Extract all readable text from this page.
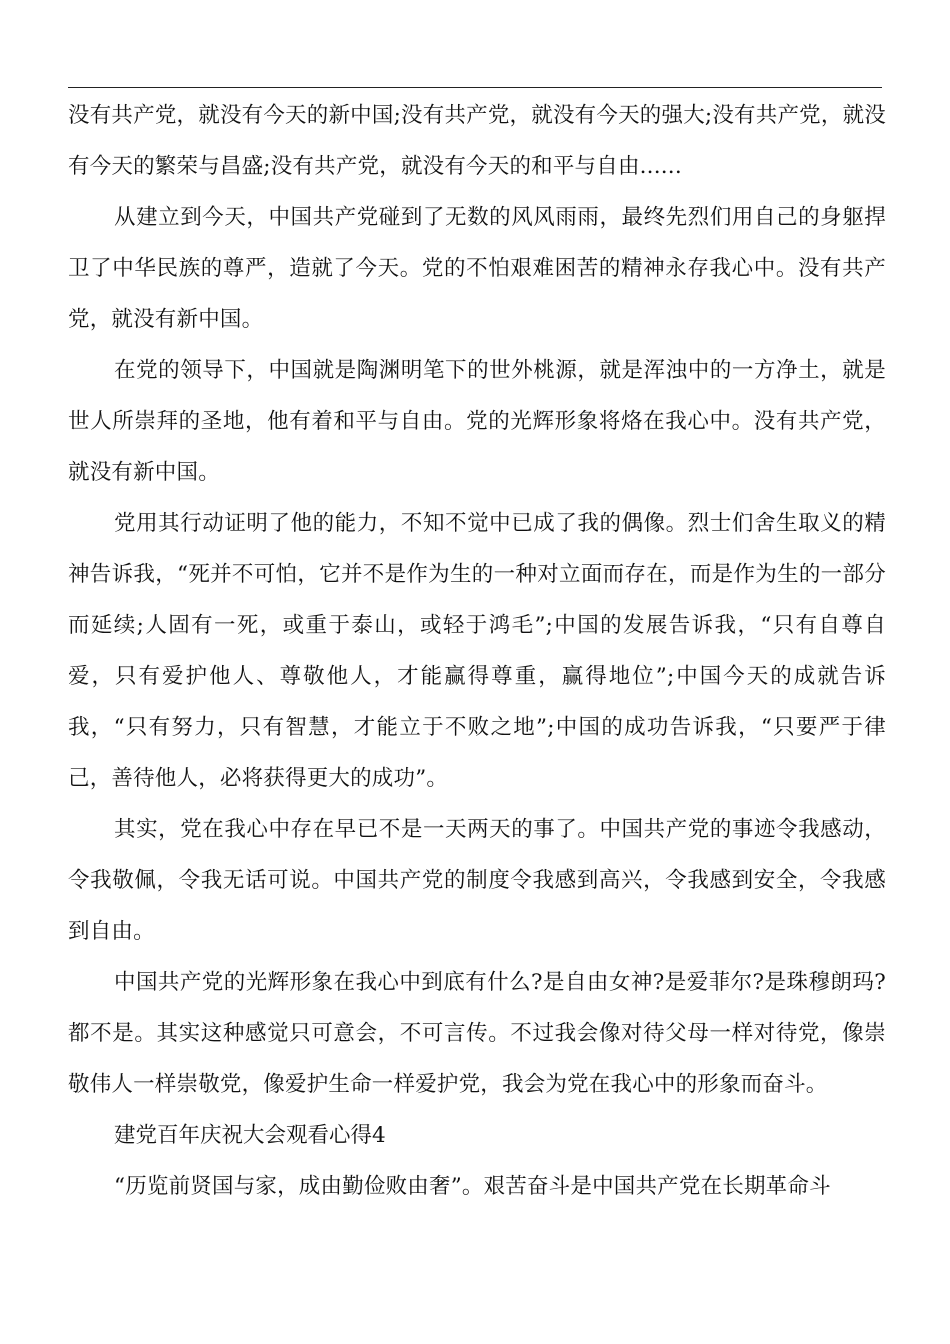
没有共产党，就没有今天的新中国;没有共产党，就没有今天的强大;没有共产党，就没有今天的繁荣与昌盛;没有共产党，就没有今天的和平与自由......

从建立到今天，中国共产党碰到了无数的风风雨雨，最终先烈们用自己的身躯捍卫了中华民族的尊严，造就了今天。党的不怕艰难困苦的精神永存我心中。没有共产党，就没有新中国。

在党的领导下，中国就是陶渊明笔下的世外桃源，就是浑浊中的一方净土，就是世人所崇拜的圣地，他有着和平与自由。党的光辉形象将烙在我心中。没有共产党，就没有新中国。

党用其行动证明了他的能力，不知不觉中已成了我的偶像。烈士们舍生取义的精神告诉我，“死并不可怕，它并不是作为生的一种对立面而存在，而是作为生的一部分而延续;人固有一死，或重于泰山，或轻于鸿毛”;中国的发展告诉我，“只有自尊自爱，只有爱护他人、尊敬他人，才能赢得尊重，赢得地位”;中国今天的成就告诉我，“只有努力，只有智慧，才能立于不败之地”;中国的成功告诉我，“只要严于律己，善待他人，必将获得更大的成功”。

其实，党在我心中存在早已不是一天两天的事了。中国共产党的事迹令我感动，令我敬佩，令我无话可说。中国共产党的制度令我感到高兴，令我感到安全，令我感到自由。

中国共产党的光辉形象在我心中到底有什么?是自由女神?是爱菲尔?是珠穆朗玛?都不是。其实这种感觉只可意会，不可言传。不过我会像对待父母一样对待党，像崇敬伟人一样崇敬党，像爱护生命一样爱护党，我会为党在我心中的形象而奋斗。

建党百年庆祝大会观看心得4

“历览前贤国与家，成由勤俭败由奢”。艰苦奋斗是中国共产党在长期革命斗
